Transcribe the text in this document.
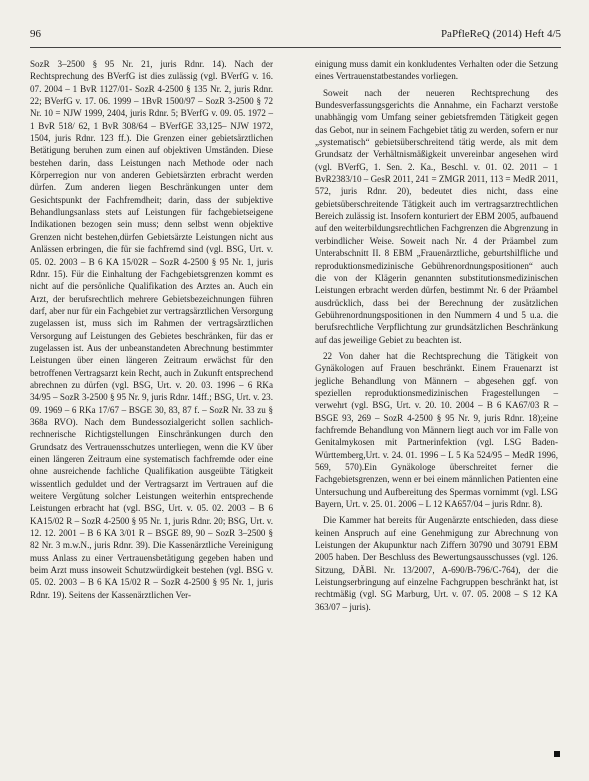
96	PaPfleReQ (2014) Heft 4/5

SozR 3–2500 § 95 Nr. 21, juris Rdnr. 14). Nach der Rechtsprechung des BVerfG ist dies zulässig (vgl. BVerfG v. 16. 07. 2004 – 1 BvR 1127/01- SozR 4-2500 § 135 Nr. 2, juris Rdnr. 22; BVerfG v. 17. 06. 1999 – 1BvR 1500/97 – SozR 3-2500 § 72 Nr. 10 = NJW 1999, 2404, juris Rdnr. 5; BVerfG v. 09. 05. 1972 – 1 BvR 518/ 62, 1 BvR 308/64 – BVerfGE 33,125– NJW 1972, 1504, juris Rdnr. 123 ff.). Die Grenzen einer gebietsärztlichen Betätigung beruhen zum einen auf objektiven Umständen. Diese bestehen darin, dass Leistungen nach Methode oder nach Körperregion nur von anderen Gebietsärzten erbracht werden dürfen. Zum anderen liegen Beschränkungen unter dem Gesichtspunkt der Fachfremdheit; darin, dass der subjektive Behandlungsanlass stets auf Leistungen für fachgebietseigene Indikationen bezogen sein muss; denn selbst wenn objektive Grenzen nicht bestehen,dürfen Gebietsärzte Leistungen nicht aus Anlässen erbringen, die für sie fachfremd sind (vgl. BSG, Urt. v. 05. 02. 2003 – B 6 KA 15/02R – SozR 4-2500 § 95 Nr. 1, juris Rdnr. 15). Für die Einhaltung der Fachgebietsgrenzen kommt es nicht auf die persönliche Qualifikation des Arztes an. Auch ein Arzt, der berufsrechtlich mehrere Gebietsbezeichnungen führen darf, aber nur für ein Fachgebiet zur vertragsärztlichen Versorgung zugelassen ist, muss sich im Rahmen der vertragsärztlichen Versorgung auf Leistungen des Gebietes beschränken, für das er zugelassen ist. Aus der unbeanstandeten Abrechnung bestimmter Leistungen über einen längeren Zeitraum erwächst für den betroffenen Vertragsarzt kein Recht, auch in Zukunft entsprechend abrechnen zu dürfen (vgl. BSG, Urt. v. 20. 03. 1996 – 6 RKa 34/95 – SozR 3-2500 § 95 Nr. 9, juris Rdnr. 14ff.; BSG, Urt. v. 23. 09. 1969 – 6 RKa 17/67 – BSGE 30, 83, 87 f. – SozR Nr. 33 zu § 368a RVO). Nach dem Bundessozialgericht sollen sachlich-rechnerische Richtigstellungen Einschränkungen durch den Grundsatz des Vertrauensschutzes unterliegen, wenn die KV über einen längeren Zeitraum eine systematisch fachfremde oder eine ohne ausreichende fachliche Qualifikation ausgeübte Tätigkeit wissentlich geduldet und der Vertragsarzt im Vertrauen auf die weitere Vergütung solcher Leistungen weiterhin entsprechende Leistungen erbracht hat (vgl. BSG, Urt. v. 05. 02. 2003 – B 6 KA15/02 R – SozR 4-2500 § 95 Nr. 1, juris Rdnr. 20; BSG, Urt. v. 12. 12. 2001 – B 6 KA 3/01 R – BSGE 89, 90 – SozR 3–2500 § 82 Nr. 3 m.w.N., juris Rdnr. 39). Die Kassenärztliche Vereinigung muss Anlass zu einer Vertrauensbetätigung gegeben haben und beim Arzt muss insoweit Schutzwürdigkeit bestehen (vgl. BSG v. 05. 02. 2003 – B 6 KA 15/02 R – SozR 4-2500 § 95 Nr. 1, juris Rdnr. 19). Seitens der Kassenärztlichen Ver-

einigung muss damit ein konkludentes Verhalten oder die Setzung eines Vertrauenstatbestandes vorliegen.

Soweit nach der neueren Rechtsprechung des Bundesverfassungsgerichts die Annahme, ein Facharzt verstoße unabhängig vom Umfang seiner gebietsfremden Tätigkeit gegen das Gebot, nur in seinem Fachgebiet tätig zu werden, sofern er nur „systematisch“ gebietsüberschreitend tätig werde, als mit dem Grundsatz der Verhältnismäßigkeit unvereinbar angesehen wird (vgl. BVerfG, 1. Sen. 2. Ka., Beschl. v. 01. 02. 2011 – 1 BvR2383/10 – GesR 2011, 241 = ZMGR 2011, 113 = MedR 2011, 572, juris Rdnr. 20), bedeutet dies nicht, dass eine gebietsüberschreitende Tätigkeit auch im vertragsarztrechtlichen Bereich zulässig ist. Insofern konturiert der EBM 2005, aufbauend auf den weiterbildungsrechtlichen Fachgrenzen die Abgrenzung in verbindlicher Weise. Soweit nach Nr. 4 der Präambel zum Unterabschnitt II. 8 EBM „Frauenärztliche, geburtshilfliche und reproduktionsmedizinische Gebührenordnungspositionen“ auch die von der Klägerin genannten substitutionsmedizinischen Leistungen erbracht werden dürfen, bestimmt Nr. 6 der Präambel ausdrücklich, dass bei der Berechnung der zusätzlichen Gebührenordnungspositionen in den Nummern 4 und 5 u.a. die berufsrechtliche Verpflichtung zur grundsätzlichen Beschränkung auf das jeweilige Gebiet zu beachten ist.

22 Von daher hat die Rechtsprechung die Tätigkeit von Gynäkologen auf Frauen beschränkt. Einem Frauenarzt ist jegliche Behandlung von Männern – abgesehen ggf. von speziellen reproduktionsmedizinischen Fragestellungen – verwehrt (vgl. BSG, Urt. v. 20. 10. 2004 – B 6 KA67/03 R – BSGE 93, 269 – SozR 4-2500 § 95 Nr. 9, juris Rdnr. 18);eine fachfremde Behandlung von Männern liegt auch vor im Falle von Genitalmykosen mit Partnerinfektion (vgl. LSG Baden-Württemberg,Urt. v. 24. 01. 1996 – L 5 Ka 524/95 – MedR 1996, 569, 570).Ein Gynäkologe überschreitet ferner die Fachgebietsgrenzen, wenn er bei einem männlichen Patienten eine Untersuchung und Aufbereitung des Spermas vornimmt (vgl. LSG Bayern, Urt. v. 25. 01. 2006 – L 12 KA657/04 – juris Rdnr. 8).

Die Kammer hat bereits für Augenärzte entschieden, dass diese keinen Anspruch auf eine Genehmigung zur Abrechnung von Leistungen der Akupunktur nach Ziffern 30790 und 30791 EBM 2005 haben. Der Beschluss des Bewertungsausschusses (vgl. 126. Sitzung, DÄBl. Nr. 13/2007, A-690/B-796/C-764), der die Leistungserbringung auf einzelne Fachgruppen beschränkt hat, ist rechtmäßig (vgl. SG Marburg, Urt. v. 07. 05. 2008 – S 12 KA 363/07 – juris).
